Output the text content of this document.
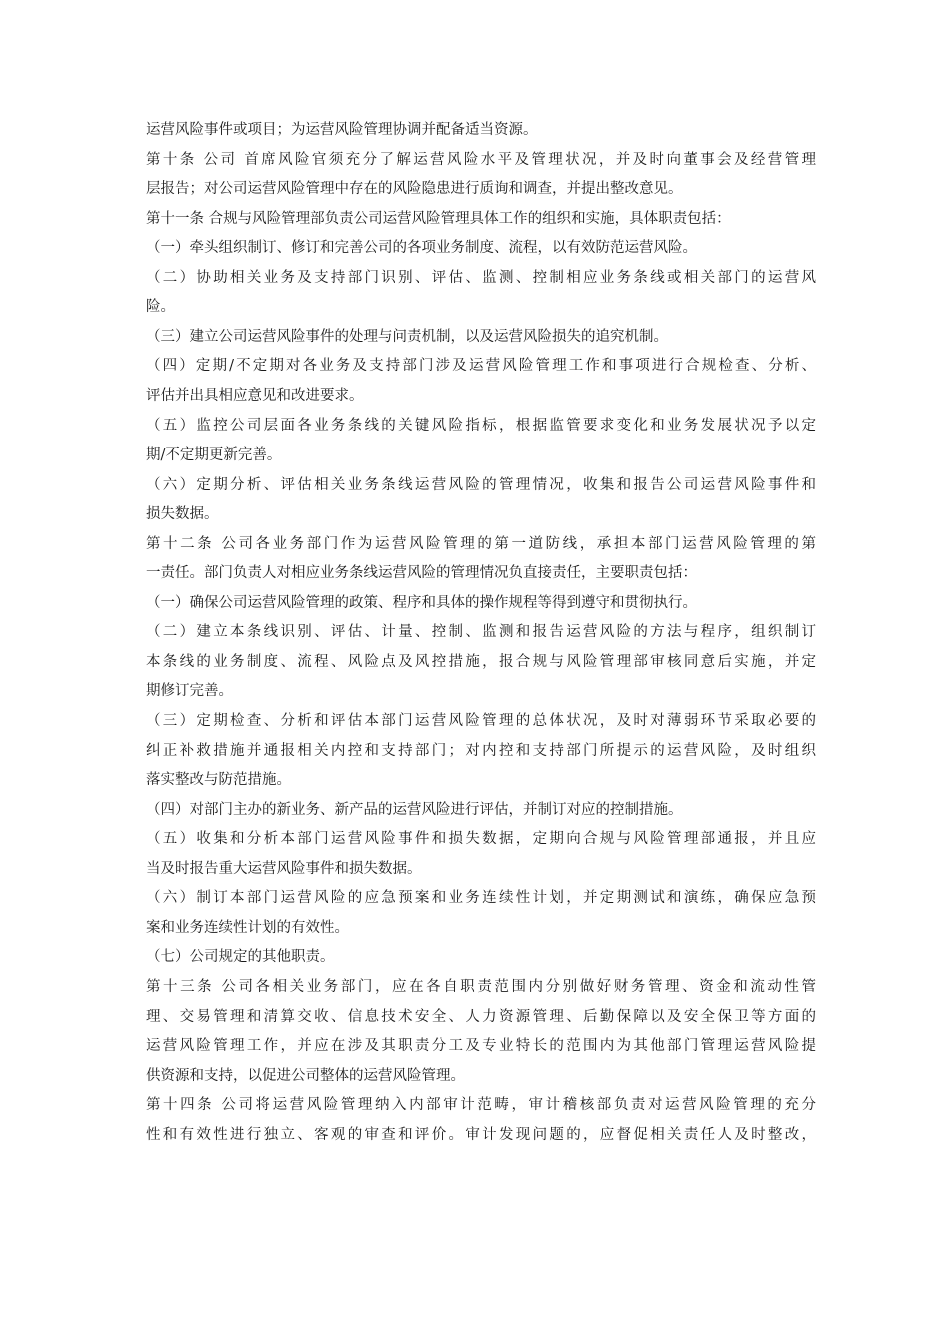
运营风险事件或项目；为运营风险管理协调并配备适当资源。
第十条 公司 首席风险官须充分了解运营风险水平及管理状况，并及时向董事会及经营管理
层报告；对公司运营风险管理中存在的风险隐患进行质询和调查，并提出整改意见。
第十一条 合规与风险管理部负责公司运营风险管理具体工作的组织和实施，具体职责包括：
（一）牵头组织制订、修订和完善公司的各项业务制度、流程，以有效防范运营风险。
（二）协助相关业务及支持部门识别、评估、监测、控制相应业务条线或相关部门的运营风
险。
（三）建立公司运营风险事件的处理与问责机制，以及运营风险损失的追究机制。
（四）定期/不定期对各业务及支持部门涉及运营风险管理工作和事项进行合规检查、分析、
评估并出具相应意见和改进要求。
（五）监控公司层面各业务条线的关键风险指标，根据监管要求变化和业务发展状况予以定
期/不定期更新完善。
（六）定期分析、评估相关业务条线运营风险的管理情况，收集和报告公司运营风险事件和
损失数据。
第十二条 公司各业务部门作为运营风险管理的第一道防线，承担本部门运营风险管理的第
一责任。部门负责人对相应业务条线运营风险的管理情况负直接责任，主要职责包括：
（一）确保公司运营风险管理的政策、程序和具体的操作规程等得到遵守和贯彻执行。
（二）建立本条线识别、评估、计量、控制、监测和报告运营风险的方法与程序，组织制订
本条线的业务制度、流程、风险点及风控措施，报合规与风险管理部审核同意后实施，并定
期修订完善。
（三）定期检查、分析和评估本部门运营风险管理的总体状况，及时对薄弱环节采取必要的
纠正补救措施并通报相关内控和支持部门；对内控和支持部门所提示的运营风险，及时组织
落实整改与防范措施。
（四）对部门主办的新业务、新产品的运营风险进行评估，并制订对应的控制措施。
（五）收集和分析本部门运营风险事件和损失数据，定期向合规与风险管理部通报，并且应
当及时报告重大运营风险事件和损失数据。
（六）制订本部门运营风险的应急预案和业务连续性计划，并定期测试和演练，确保应急预
案和业务连续性计划的有效性。
（七）公司规定的其他职责。
第十三条 公司各相关业务部门，应在各自职责范围内分别做好财务管理、资金和流动性管
理、交易管理和清算交收、信息技术安全、人力资源管理、后勤保障以及安全保卫等方面的
运营风险管理工作，并应在涉及其职责分工及专业特长的范围内为其他部门管理运营风险提
供资源和支持，以促进公司整体的运营风险管理。
第十四条 公司将运营风险管理纳入内部审计范畴，审计稽核部负责对运营风险管理的充分
性和有效性进行独立、客观的审查和评价。审计发现问题的，应督促相关责任人及时整改，
